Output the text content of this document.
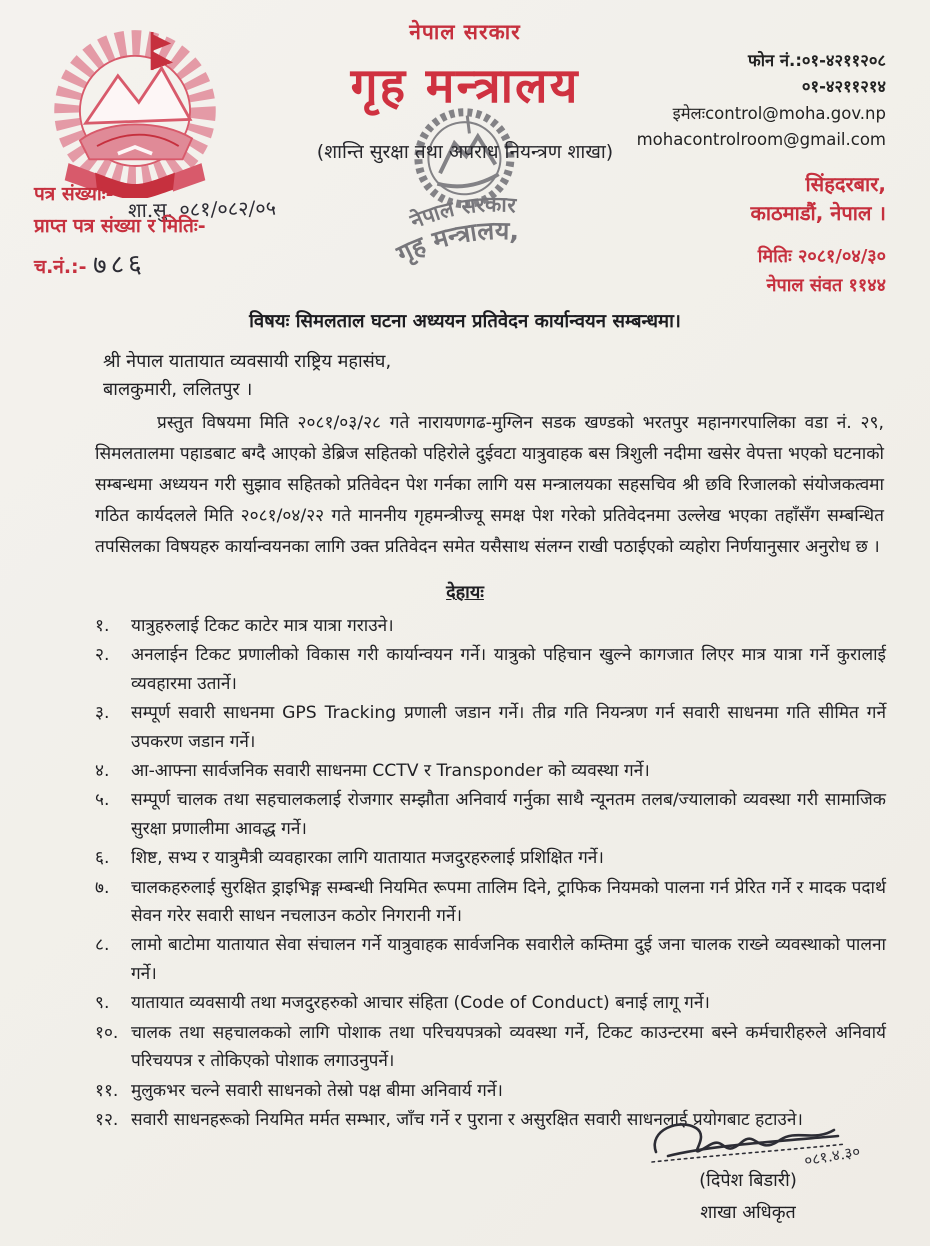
नेपाल सरकार
गृह मन्त्रालय
(शान्ति सुरक्षा तथा अपराध नियन्त्रण शाखा)
फोन नं.:०१-४२११२०८
०१-४२११२१४
इमेलःcontrol@moha.gov.np
mohacontrolroom@gmail.com
सिंहदरबार,
काठमाडौं, नेपाल ।
मितिः २०८१/०४/३०
नेपाल संवत ११४४
पत्र संख्याः-
शा.सु. ०८१/०८२/०५
प्राप्त पत्र संख्या र मितिः-
च.नं.:- ७८६
नेपाल सरकार
गृह मन्त्रालय,
विषयः सिमलताल घटना अध्ययन प्रतिवेदन कार्यान्वयन सम्बन्धमा।
श्री नेपाल यातायात व्यवसायी राष्ट्रिय महासंघ,
बालकुमारी, ललितपुर ।
प्रस्तुत विषयमा मिति २०८१/०३/२८ गते नारायणगढ-मुग्लिन सडक खण्डको भरतपुर महानगरपालिका वडा नं. २९, सिमलतालमा पहाडबाट बग्दै आएको डेब्रिज सहितको पहिरोले दुईवटा यात्रुवाहक बस त्रिशुली नदीमा खसेर वेपत्ता भएको घटनाको सम्बन्धमा अध्ययन गरी सुझाव सहितको प्रतिवेदन पेश गर्नका लागि यस मन्त्रालयका सहसचिव श्री छवि रिजालको संयोजकत्वमा गठित कार्यदलले मिति २०८१/०४/२२ गते माननीय गृहमन्त्रीज्यू समक्ष पेश गरेको प्रतिवेदनमा उल्लेख भएका तहाँसँग सम्बन्धित तपसिलका विषयहरु कार्यान्वयनका लागि उक्त प्रतिवेदन समेत यसैसाथ संलग्न राखी पठाईएको व्यहोरा निर्णयानुसार अनुरोध छ ।
देहायः
१.	यात्रुहरुलाई टिकट काटेर मात्र यात्रा गराउने।
२.	अनलाईन टिकट प्रणालीको विकास गरी कार्यान्वयन गर्ने। यात्रुको पहिचान खुल्ने कागजात लिएर मात्र यात्रा गर्ने कुरालाई व्यवहारमा उतार्ने।
३.	सम्पूर्ण सवारी साधनमा GPS Tracking प्रणाली जडान गर्ने। तीव्र गति नियन्त्रण गर्न सवारी साधनमा गति सीमित गर्ने उपकरण जडान गर्ने।
४.	आ-आफ्ना सार्वजनिक सवारी साधनमा CCTV र Transponder को व्यवस्था गर्ने।
५.	सम्पूर्ण चालक तथा सहचालकलाई रोजगार सम्झौता अनिवार्य गर्नुका साथै न्यूनतम तलब/ज्यालाको व्यवस्था गरी सामाजिक सुरक्षा प्रणालीमा आवद्ध गर्ने।
६.	शिष्ट, सभ्य र यात्रुमैत्री व्यवहारका लागि यातायात मजदुरहरुलाई प्रशिक्षित गर्ने।
७.	चालकहरुलाई सुरक्षित ड्राइभिङ्ग सम्बन्धी नियमित रूपमा तालिम दिने, ट्राफिक नियमको पालना गर्न प्रेरित गर्ने र मादक पदार्थ सेवन गरेर सवारी साधन नचलाउन कठोर निगरानी गर्ने।
८.	लामो बाटोमा यातायात सेवा संचालन गर्ने यात्रुवाहक सार्वजनिक सवारीले कम्तिमा दुई जना चालक राख्ने व्यवस्थाको पालना गर्ने।
९.	यातायात व्यवसायी तथा मजदुरहरुको आचार संहिता (Code of Conduct) बनाई लागू गर्ने।
१०. चालक तथा सहचालकको लागि पोशाक तथा परिचयपत्रको व्यवस्था गर्ने, टिकट काउन्टरमा बस्ने कर्मचारीहरुले अनिवार्य परिचयपत्र र तोकिएको पोशाक लगाउनुपर्ने।
११. मुलुकभर चल्ने सवारी साधनको तेस्रो पक्ष बीमा अनिवार्य गर्ने।
१२. सवारी साधनहरूको नियमित मर्मत सम्भार, जाँच गर्ने र पुराना र असुरक्षित सवारी साधनलाई प्रयोगबाट हटाउने।
०८१.४.३०
(दिपेश बिडारी)
शाखा अधिकृत
